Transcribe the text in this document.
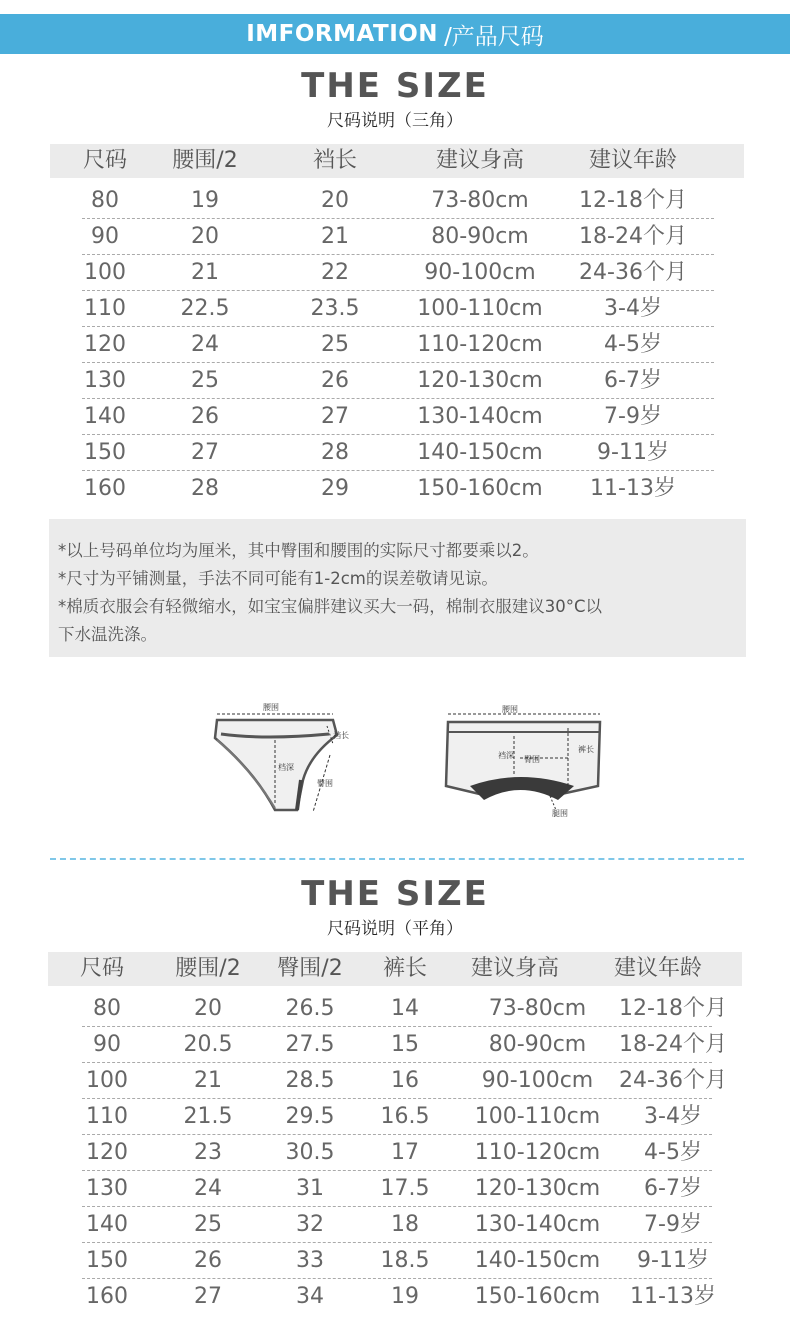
IMFORMATION /产品尺码
THE SIZE
尺码说明（三角）
尺码	腰围/2	裆长	建议身高	建议年龄
80	19	20	73-80cm	12-18个月
90	20	21	80-90cm	18-24个月
100	21	22	90-100cm	24-36个月
110	22.5	23.5	100-110cm	3-4岁
120	24	25	110-120cm	4-5岁
130	25	26	120-130cm	6-7岁
140	26	27	130-140cm	7-9岁
150	27	28	140-150cm	9-11岁
160	28	29	150-160cm	11-13岁
*以上号码单位均为厘米，其中臀围和腰围的实际尺寸都要乘以2。
*尺寸为平铺测量，手法不同可能有1-2cm的误差敬请见谅。
*棉质衣服会有轻微缩水，如宝宝偏胖建议买大一码，棉制衣服建议30°C以
下水温洗涤。
腰围
裆长
档深
臀围
腰围
裆深 臀围
裤长
腿围
THE SIZE
尺码说明（平角）
尺码	腰围/2	臀围/2	裤长	建议身高	建议年龄
80	20	26.5	14	73-80cm	12-18个月
90	20.5	27.5	15	80-90cm	18-24个月
100	21	28.5	16	90-100cm	24-36个月
110	21.5	29.5	16.5	100-110cm	3-4岁
120	23	30.5	17	110-120cm	4-5岁
130	24	31	17.5	120-130cm	6-7岁
140	25	32	18	130-140cm	7-9岁
150	26	33	18.5	140-150cm	9-11岁
160	27	34	19	150-160cm	11-13岁
